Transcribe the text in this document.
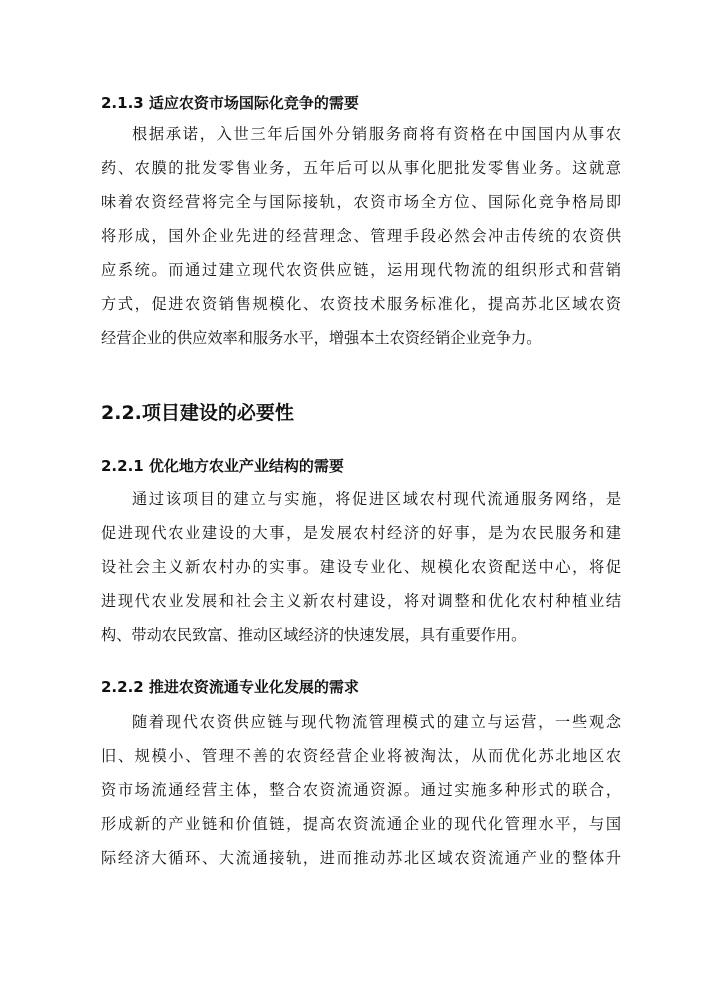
2.1.3 适应农资市场国际化竞争的需要
根据承诺，入世三年后国外分销服务商将有资格在中国国内从事农
药、农膜的批发零售业务，五年后可以从事化肥批发零售业务。这就意
味着农资经营将完全与国际接轨，农资市场全方位、国际化竞争格局即
将形成，国外企业先进的经营理念、管理手段必然会冲击传统的农资供
应系统。而通过建立现代农资供应链，运用现代物流的组织形式和营销
方式，促进农资销售规模化、农资技术服务标准化，提高苏北区域农资
经营企业的供应效率和服务水平，增强本土农资经销企业竞争力。
2.2.项目建设的必要性
2.2.1 优化地方农业产业结构的需要
通过该项目的建立与实施，将促进区域农村现代流通服务网络，是
促进现代农业建设的大事，是发展农村经济的好事，是为农民服务和建
设社会主义新农村办的实事。建设专业化、规模化农资配送中心，将促
进现代农业发展和社会主义新农村建设，将对调整和优化农村种植业结
构、带动农民致富、推动区域经济的快速发展，具有重要作用。
2.2.2 推进农资流通专业化发展的需求
随着现代农资供应链与现代物流管理模式的建立与运营，一些观念
旧、规模小、管理不善的农资经营企业将被淘汰，从而优化苏北地区农
资市场流通经营主体，整合农资流通资源。通过实施多种形式的联合，
形成新的产业链和价值链，提高农资流通企业的现代化管理水平，与国
际经济大循环、大流通接轨，进而推动苏北区域农资流通产业的整体升
